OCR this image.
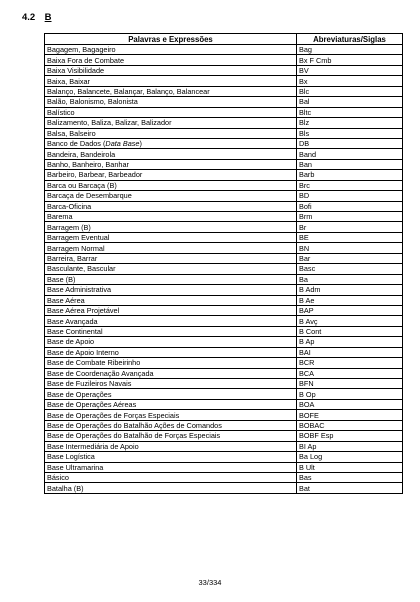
4.2 B
Palavras e Expressões	Abreviaturas/Siglas
Bagagem, Bagageiro	Bag
Baixa Fora de Combate	Bx F Cmb
Baixa Visibilidade	BV
Baixa, Baixar	Bx
Balanço, Balancete, Balançar, Balanço, Balancear	Blc
Balão, Balonismo, Balonista	Bal
Balístico	Bltc
Balizamento, Baliza, Balizar, Balizador	Blz
Balsa, Balseiro	Bls
Banco de Dados (Data Base)	DB
Bandeira, Bandeirola	Band
Banho, Banheiro, Banhar	Ban
Barbeiro, Barbear, Barbeador	Barb
Barca ou Barcaça (B)	Brc
Barcaça de Desembarque	BD
Barca-Oficina	Bofi
Barema	Brm
Barragem (B)	Br
Barragem Eventual	BE
Barragem Normal	BN
Barreira, Barrar	Bar
Basculante, Bascular	Basc
Base (B)	Ba
Base Administrativa	B Adm
Base Aérea	B Ae
Base Aérea Projetável	BAP
Base Avançada	B Avç
Base Continental	B Cont
Base de Apoio	B Ap
Base de Apoio Interno	BAI
Base de Combate Ribeirinho	BCR
Base de Coordenação Avançada	BCA
Base de Fuzileiros Navais	BFN
Base de Operações	B Op
Base de Operações Aéreas	BOA
Base de Operações de Forças Especiais	BOFE
Base de Operações do Batalhão Ações de Comandos	BOBAC
Base de Operações do Batalhão de Forças Especiais	BOBF Esp
Base Intermediária de Apoio	BI Ap
Base Logística	Ba Log
Base Ultramarina	B Ult
Básico	Bas
Batalha (B)	Bat
33/334
